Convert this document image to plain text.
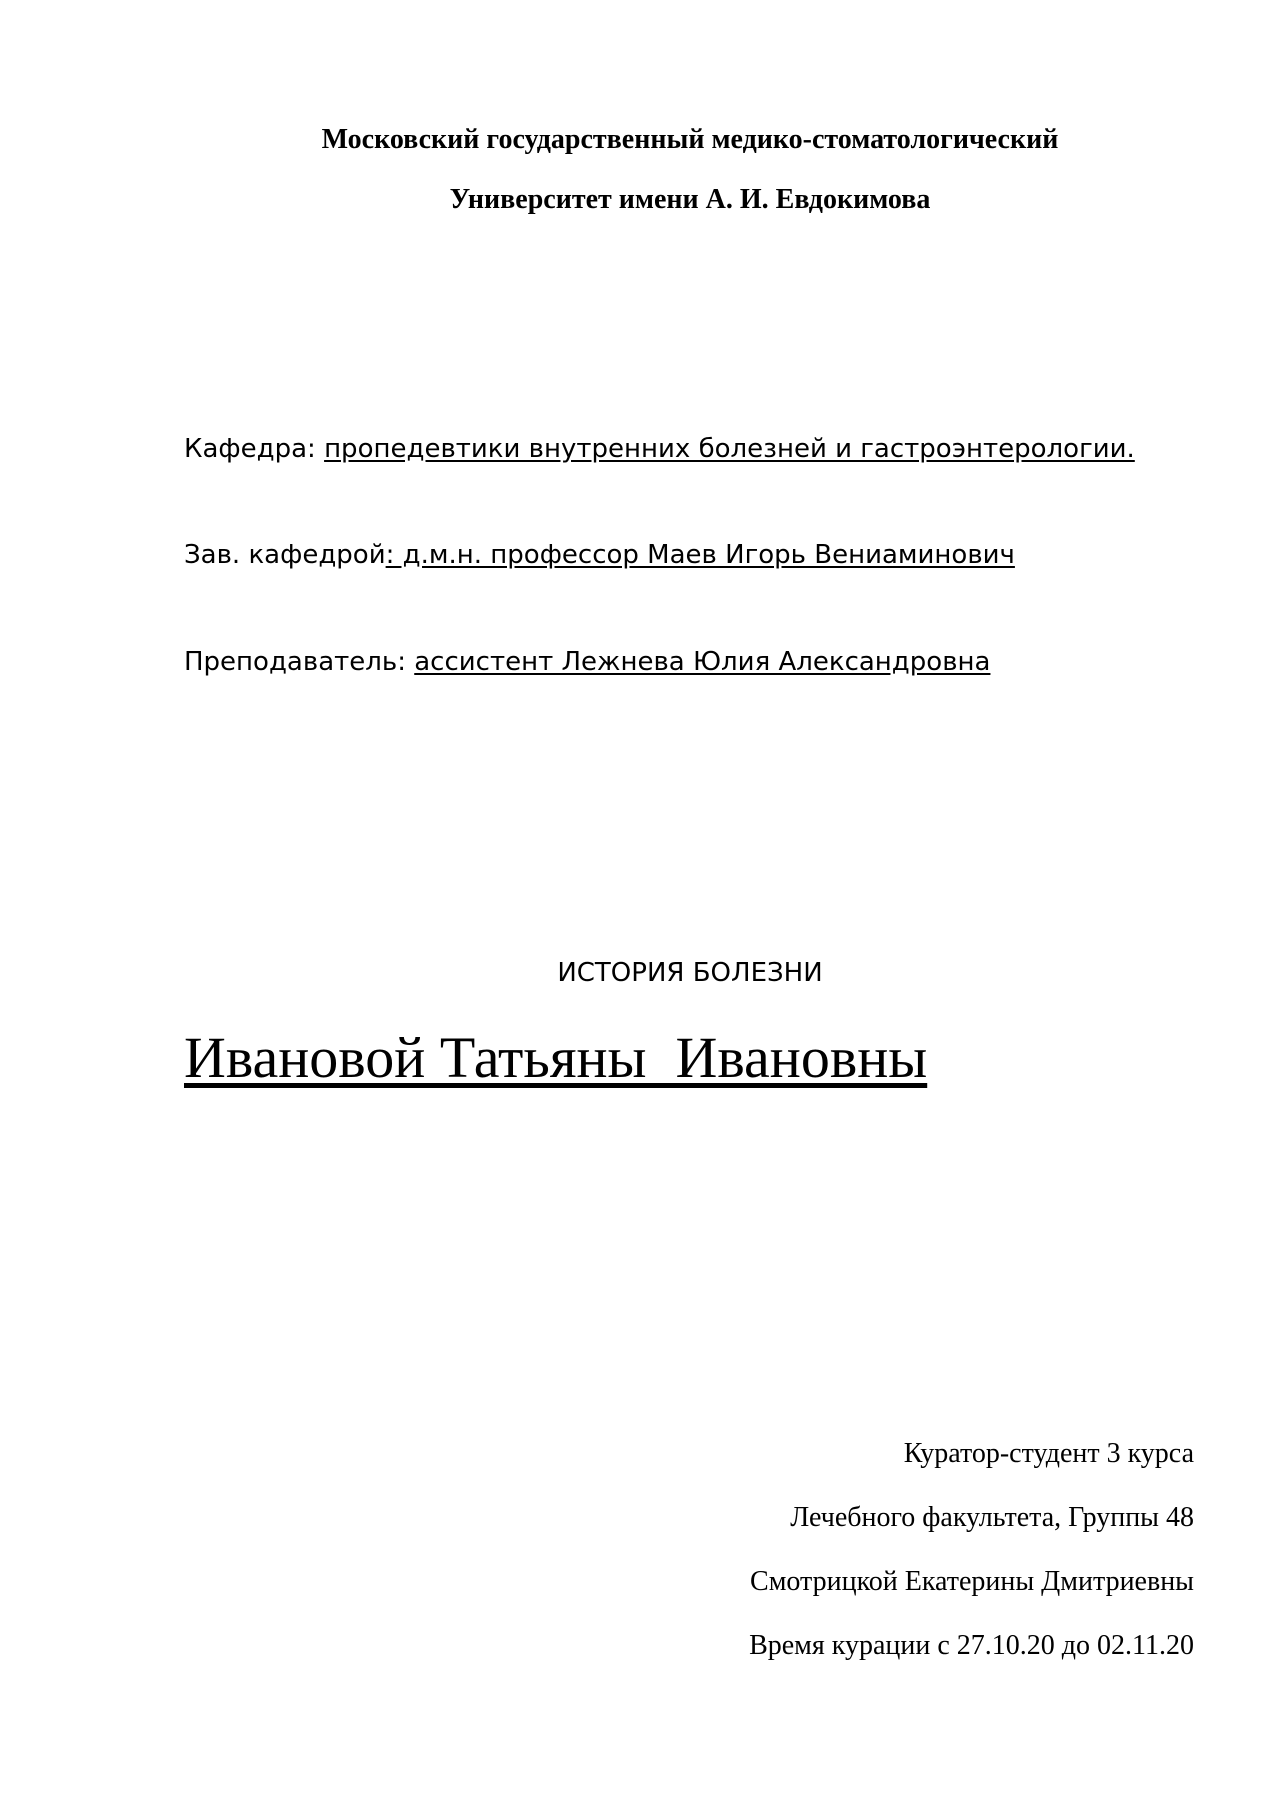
Московский государственный медико-стоматологический
Университет имени А. И. Евдокимова
Кафедра: пропедевтики внутренних болезней и гастроэнтерологии.
Зав. кафедрой: д.м.н. профессор Маев Игорь Вениаминович
Преподаватель: ассистент Лежнева Юлия Александровна
ИСТОРИЯ БОЛЕЗНИ
Ивановой Татьяны  Ивановны
Куратор-студент 3 курса
Лечебного факультета, Группы 48
Смотрицкой Екатерины Дмитриевны
Время курации с 27.10.20 до 02.11.20
